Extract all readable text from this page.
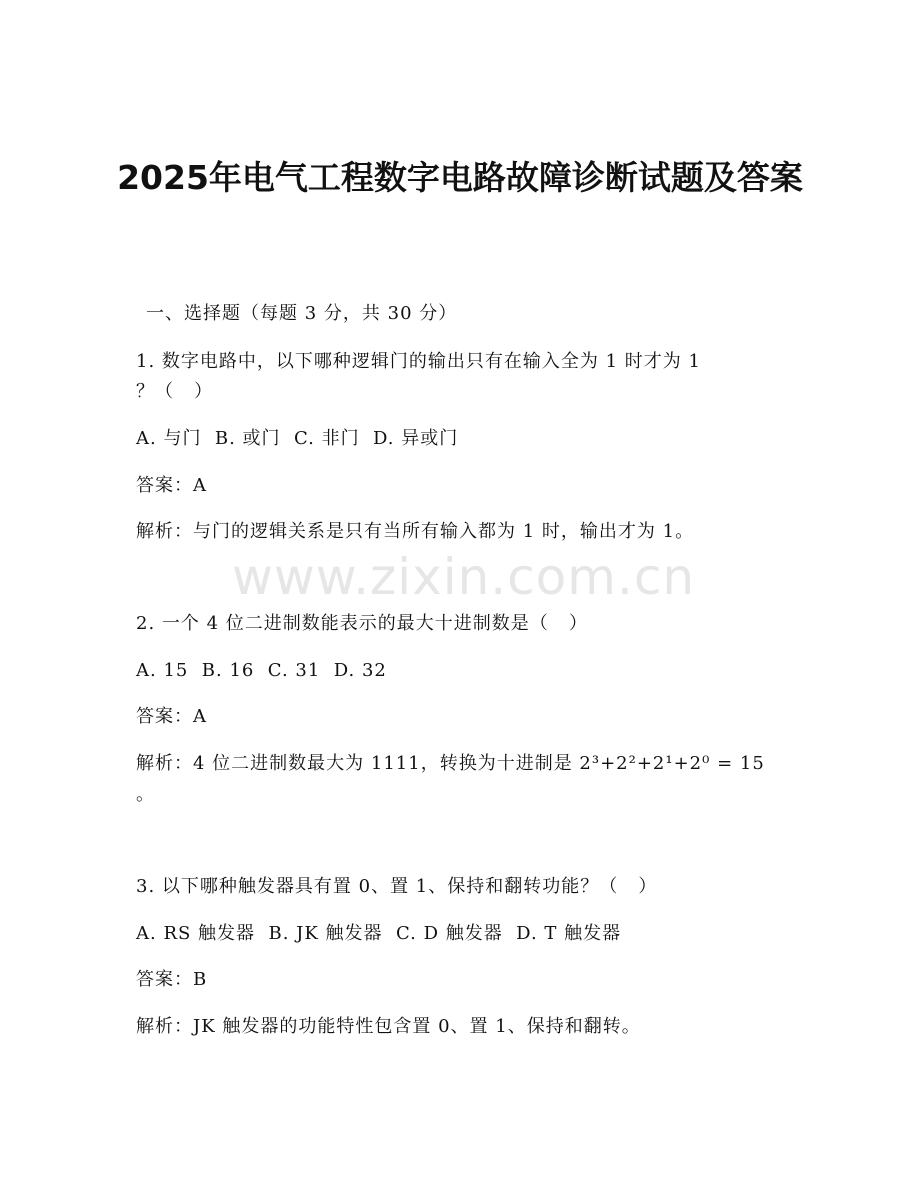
www.zixin.com.cn
2025年电气工程数字电路故障诊断试题及答案
一、选择题（每题 3 分，共 30 分）
1. 数字电路中，以下哪种逻辑门的输出只有在输入全为 1 时才为 1
？（   ）
A. 与门  B. 或门  C. 非门  D. 异或门
答案：A
解析：与门的逻辑关系是只有当所有输入都为 1 时，输出才为 1。
2. 一个 4 位二进制数能表示的最大十进制数是（   ）
A. 15  B. 16  C. 31  D. 32
答案：A
解析：4 位二进制数最大为 1111，转换为十进制是 2³+2²+2¹+2⁰ = 15
。
3. 以下哪种触发器具有置 0、置 1、保持和翻转功能？（   ）
A. RS 触发器  B. JK 触发器  C. D 触发器  D. T 触发器
答案：B
解析：JK 触发器的功能特性包含置 0、置 1、保持和翻转。
